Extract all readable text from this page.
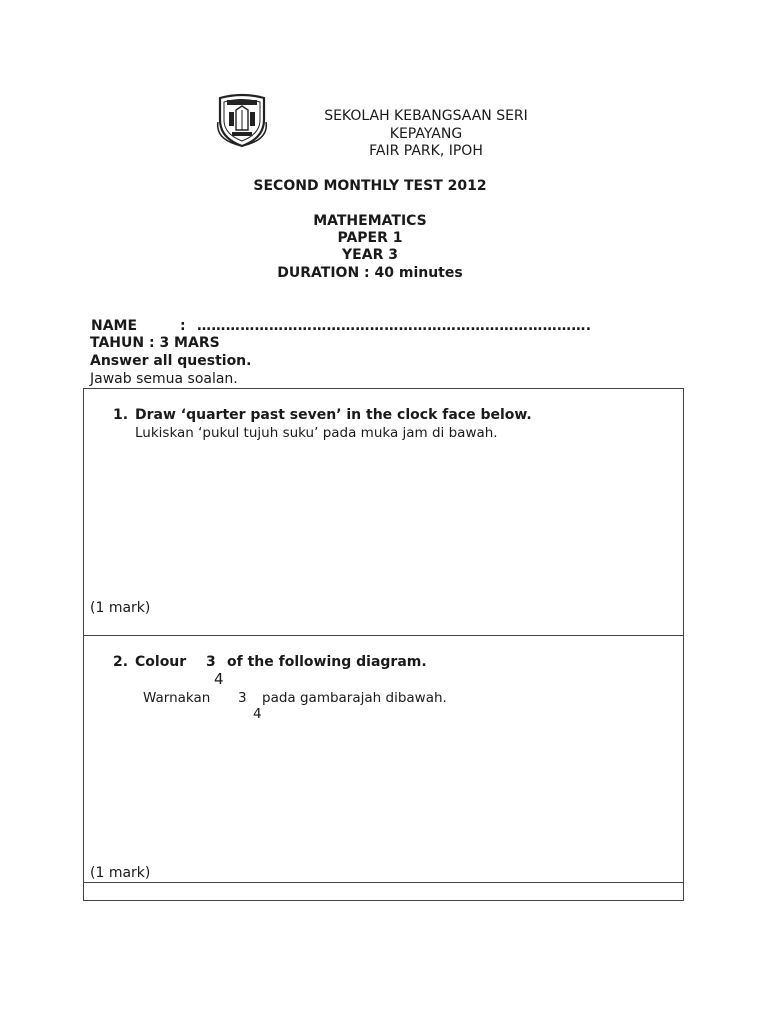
SEKOLAH KEBANGSAAN SERI
KEPAYANG
FAIR PARK, IPOH
SECOND MONTHLY TEST 2012
MATHEMATICS
PAPER 1
YEAR 3
DURATION : 40 minutes
NAME	: ……………………………………………………………………….
TAHUN : 3 MARS
Answer all question.
Jawab semua soalan.
1. Draw ‘quarter past seven’ in the clock face below.
Lukiskan ‘pukul tujuh suku’ pada muka jam di bawah.
(1 mark)
2. Colour 3
4
of the following diagram.
Warnakan 3
4
pada gambarajah dibawah.
(1 mark)
